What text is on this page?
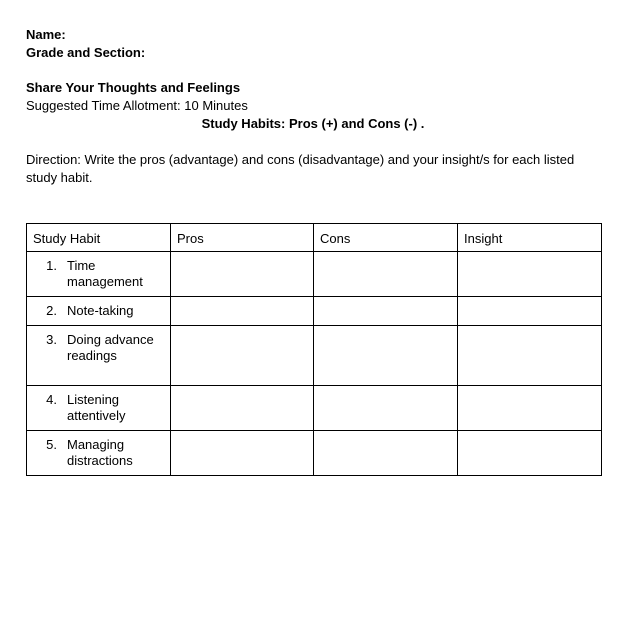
Name:
Grade and Section:
Share Your Thoughts and Feelings
Suggested Time Allotment: 10 Minutes
Study Habits: Pros (+) and Cons (-) .
Direction: Write the pros (advantage) and cons (disadvantage) and your insight/s for each listed study habit.
Study Habit	Pros	Cons	Insight

1. Time management			

2. Note-taking			

3. Doing advance readings			

4. Listening attentively			

5. Managing distractions			
